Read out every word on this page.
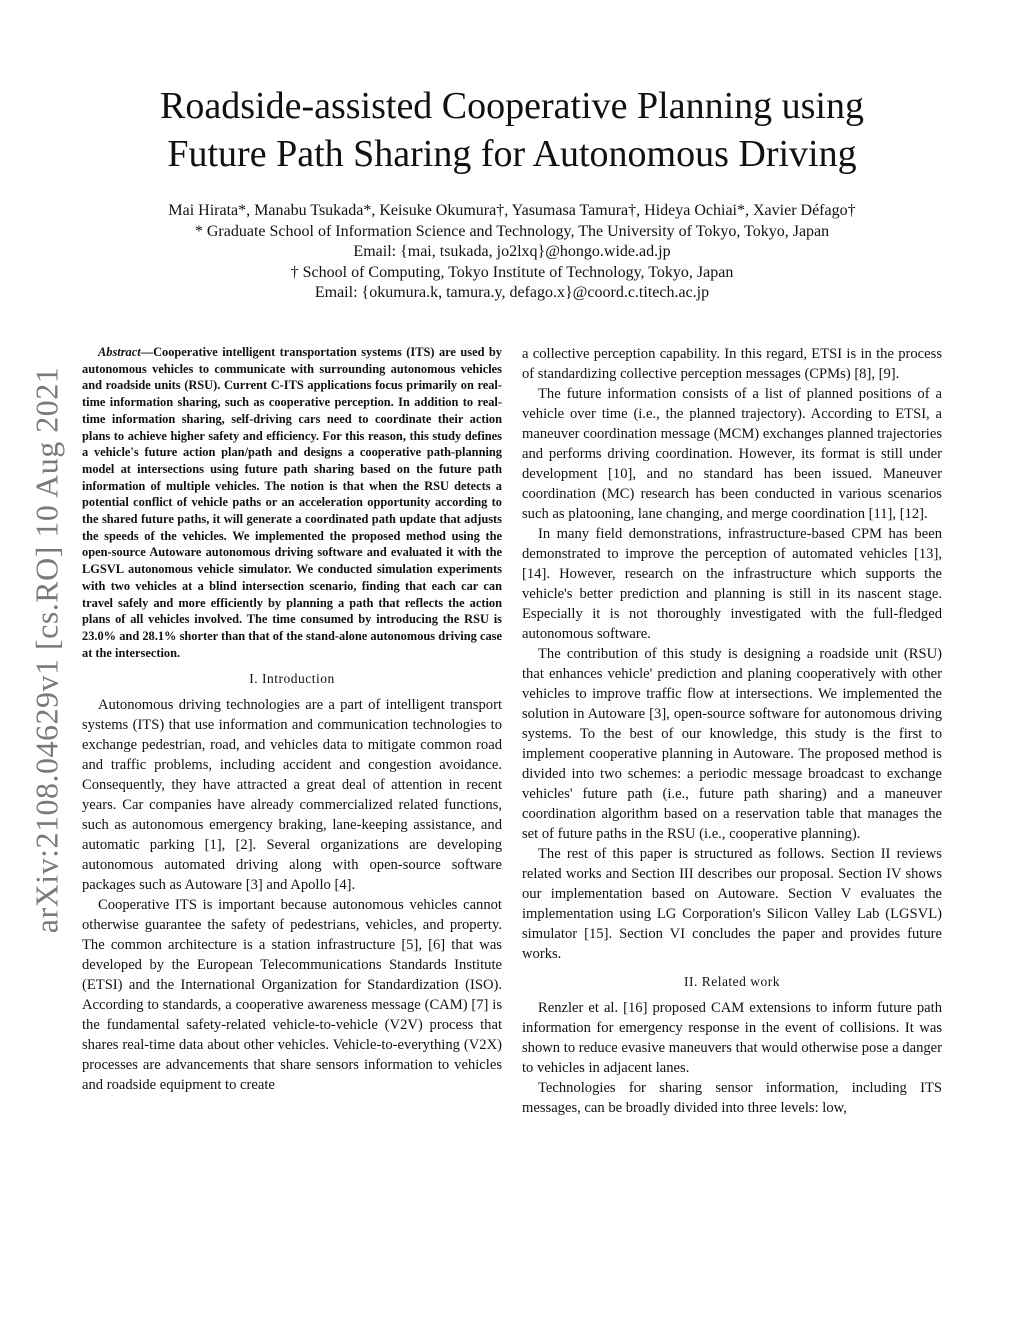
arXiv:2108.04629v1 [cs.RO] 10 Aug 2021
Roadside-assisted Cooperative Planning using
Future Path Sharing for Autonomous Driving
Mai Hirata*, Manabu Tsukada*, Keisuke Okumura†, Yasumasa Tamura†, Hideya Ochiai*, Xavier Défago†
* Graduate School of Information Science and Technology, The University of Tokyo, Tokyo, Japan
Email: {mai, tsukada, jo2lxq}@hongo.wide.ad.jp
† School of Computing, Tokyo Institute of Technology, Tokyo, Japan
Email: {okumura.k, tamura.y, defago.x}@coord.c.titech.ac.jp

Abstract—Cooperative intelligent transportation systems (ITS) are used by autonomous vehicles to communicate with surrounding autonomous vehicles and roadside units (RSU). Current C-ITS applications focus primarily on real-time information sharing, such as cooperative perception. In addition to real-time information sharing, self-driving cars need to coordinate their action plans to achieve higher safety and efficiency. For this reason, this study defines a vehicle's future action plan/path and designs a cooperative path-planning model at intersections using future path sharing based on the future path information of multiple vehicles. The notion is that when the RSU detects a potential conflict of vehicle paths or an acceleration opportunity according to the shared future paths, it will generate a coordinated path update that adjusts the speeds of the vehicles. We implemented the proposed method using the open-source Autoware autonomous driving software and evaluated it with the LGSVL autonomous vehicle simulator. We conducted simulation experiments with two vehicles at a blind intersection scenario, finding that each car can travel safely and more efficiently by planning a path that reflects the action plans of all vehicles involved. The time consumed by introducing the RSU is 23.0% and 28.1% shorter than that of the stand-alone autonomous driving case at the intersection.

I. Introduction

Autonomous driving technologies are a part of intelligent transport systems (ITS) that use information and communication technologies to exchange pedestrian, road, and vehicles data to mitigate common road and traffic problems, including accident and congestion avoidance. Consequently, they have attracted a great deal of attention in recent years. Car companies have already commercialized related functions, such as autonomous emergency braking, lane-keeping assistance, and automatic parking [1], [2]. Several organizations are developing autonomous automated driving along with open-source software packages such as Autoware [3] and Apollo [4].

Cooperative ITS is important because autonomous vehicles cannot otherwise guarantee the safety of pedestrians, vehicles, and property. The common architecture is a station infrastructure [5], [6] that was developed by the European Telecommunications Standards Institute (ETSI) and the International Organization for Standardization (ISO). According to standards, a cooperative awareness message (CAM) [7] is the fundamental safety-related vehicle-to-vehicle (V2V) process that shares real-time data about other vehicles. Vehicle-to-everything (V2X) processes are advancements that share sensors information to vehicles and roadside equipment to create

a collective perception capability. In this regard, ETSI is in the process of standardizing collective perception messages (CPMs) [8], [9].

The future information consists of a list of planned positions of a vehicle over time (i.e., the planned trajectory). According to ETSI, a maneuver coordination message (MCM) exchanges planned trajectories and performs driving coordination. However, its format is still under development [10], and no standard has been issued. Maneuver coordination (MC) research has been conducted in various scenarios such as platooning, lane changing, and merge coordination [11], [12].

In many field demonstrations, infrastructure-based CPM has been demonstrated to improve the perception of automated vehicles [13], [14]. However, research on the infrastructure which supports the vehicle's better prediction and planning is still in its nascent stage. Especially it is not thoroughly investigated with the full-fledged autonomous software.

The contribution of this study is designing a roadside unit (RSU) that enhances vehicle' prediction and planing cooperatively with other vehicles to improve traffic flow at intersections. We implemented the solution in Autoware [3], open-source software for autonomous driving systems. To the best of our knowledge, this study is the first to implement cooperative planning in Autoware. The proposed method is divided into two schemes: a periodic message broadcast to exchange vehicles' future path (i.e., future path sharing) and a maneuver coordination algorithm based on a reservation table that manages the set of future paths in the RSU (i.e., cooperative planning).

The rest of this paper is structured as follows. Section II reviews related works and Section III describes our proposal. Section IV shows our implementation based on Autoware. Section V evaluates the implementation using LG Corporation's Silicon Valley Lab (LGSVL) simulator [15]. Section VI concludes the paper and provides future works.

II. Related work

Renzler et al. [16] proposed CAM extensions to inform future path information for emergency response in the event of collisions. It was shown to reduce evasive maneuvers that would otherwise pose a danger to vehicles in adjacent lanes.

Technologies for sharing sensor information, including ITS messages, can be broadly divided into three levels: low,
